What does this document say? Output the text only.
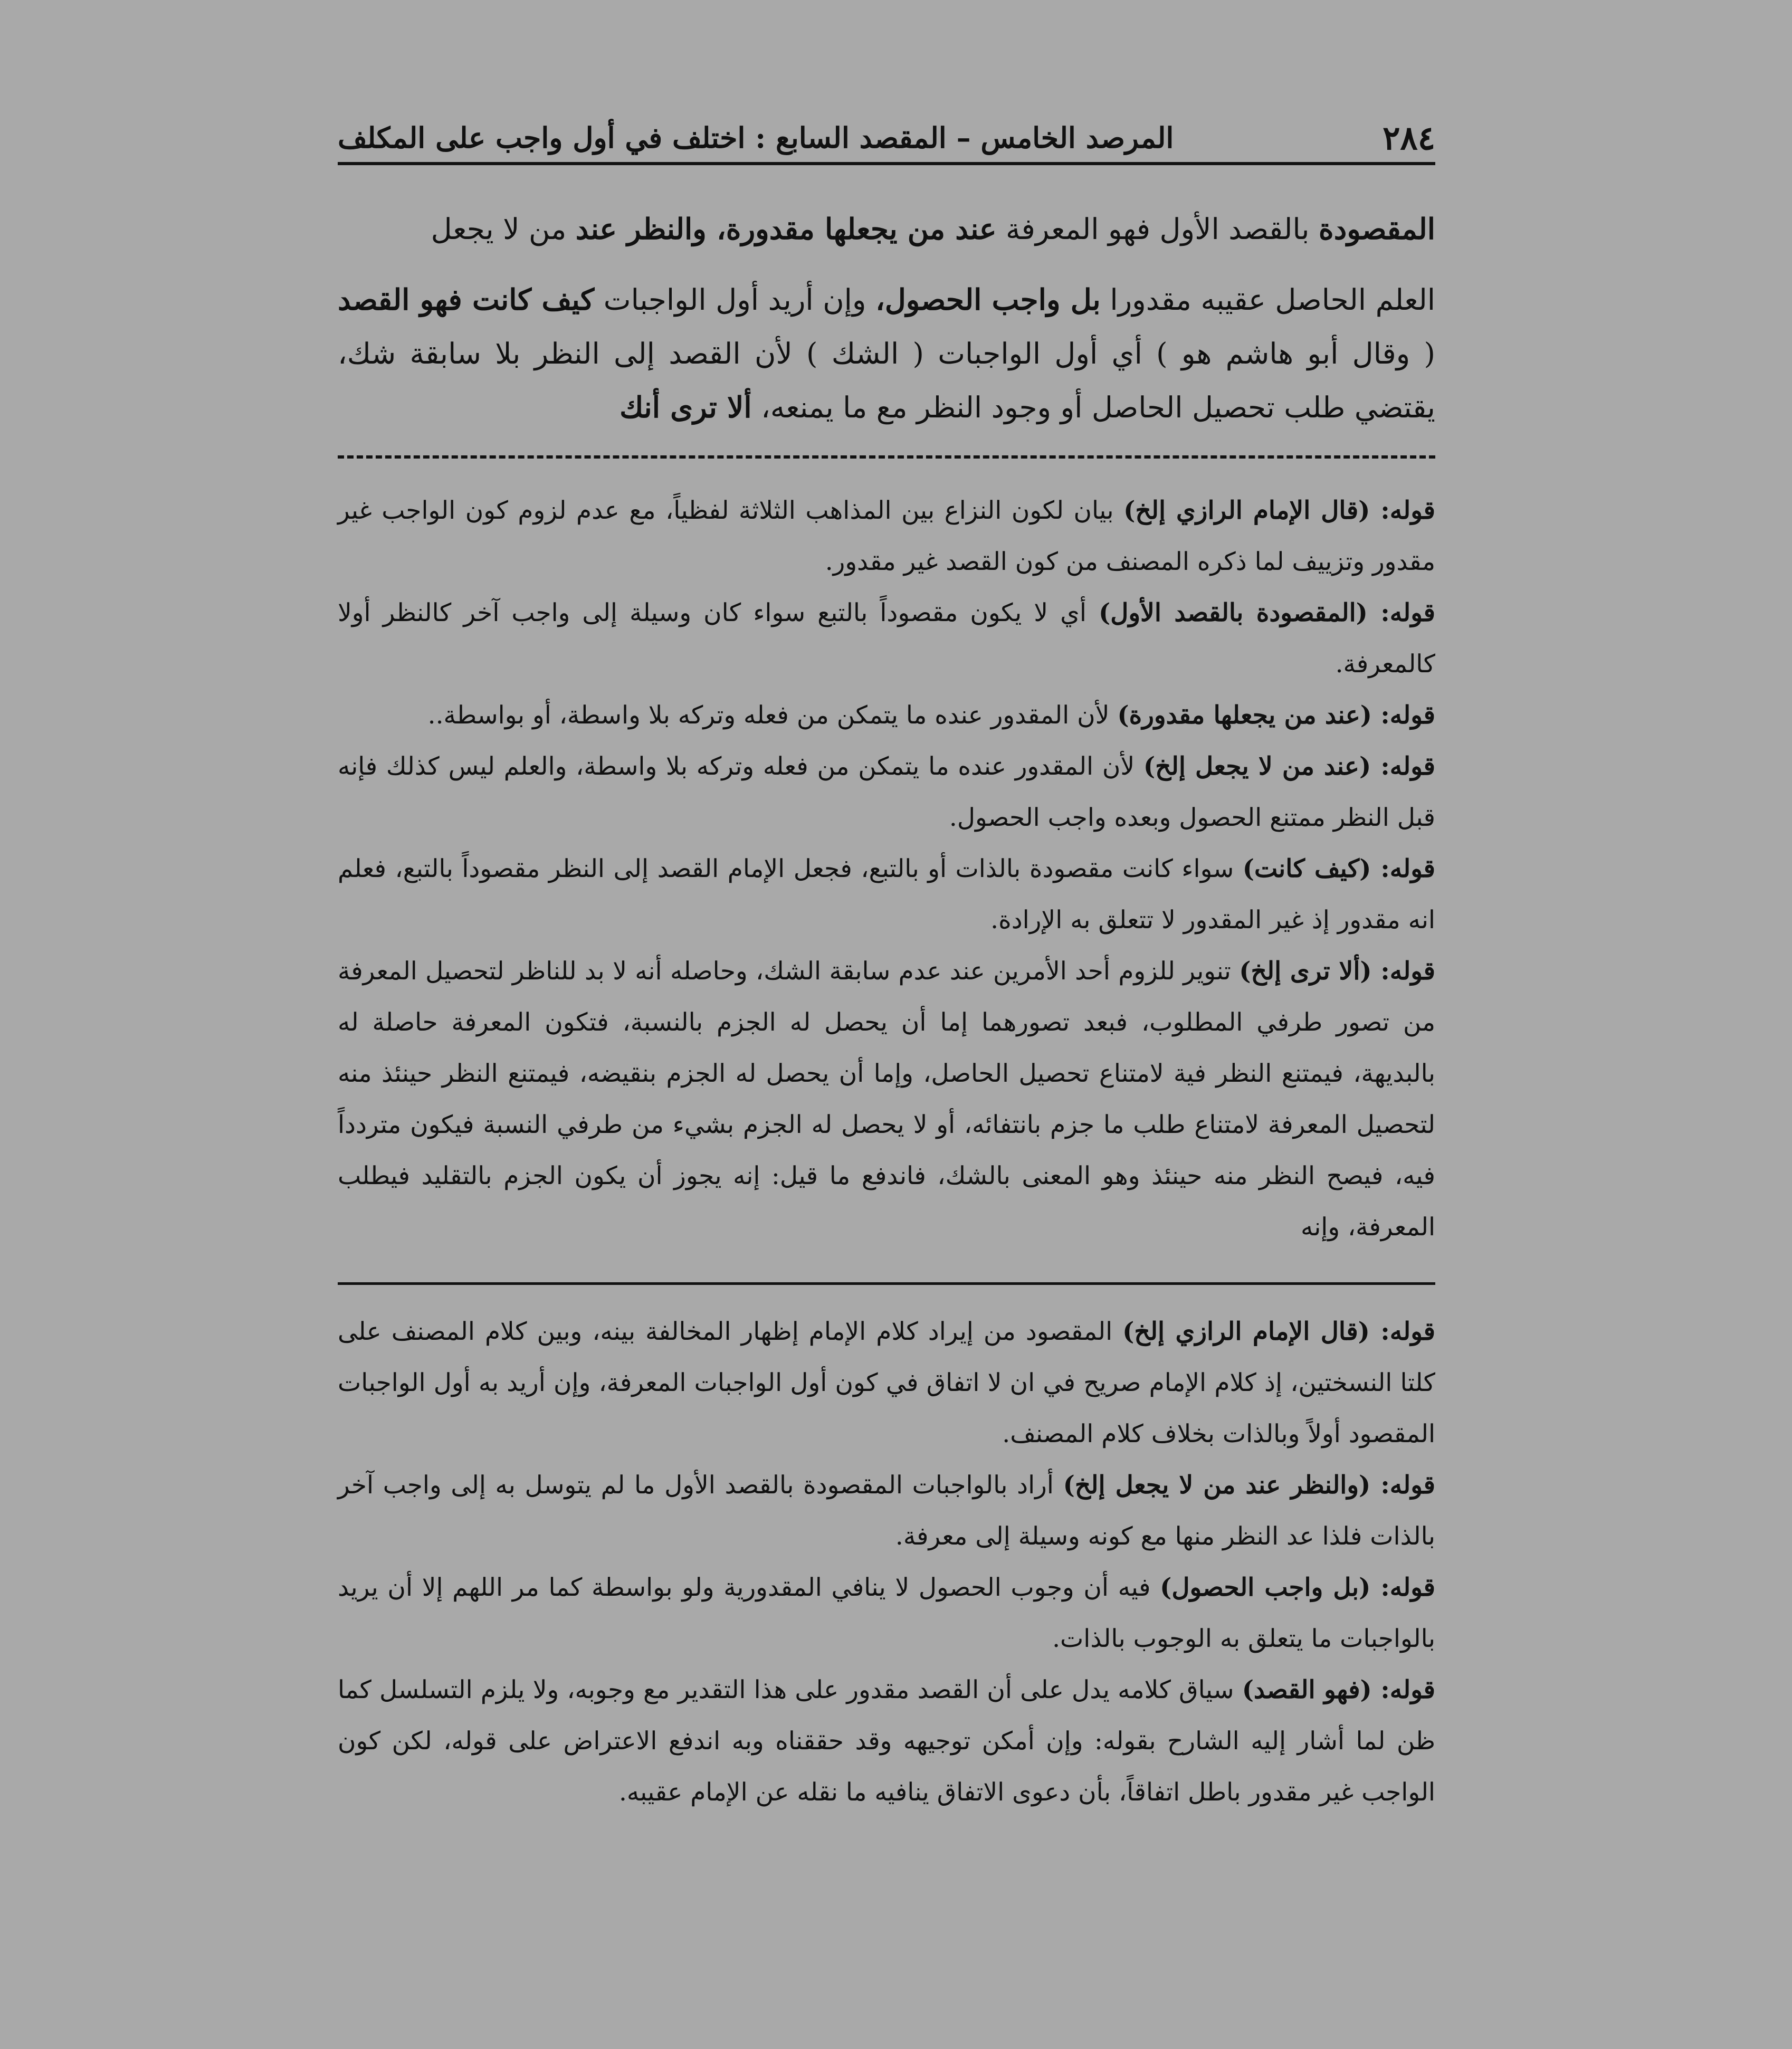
٢٨٤
المرصد الخامس – المقصد السابع : اختلف في أول واجب على المكلف

المقصودة بالقصد الأول فهو المعرفة عند من يجعلها مقدورة، والنظر عند من لا يجعل

العلم الحاصل عقيبه مقدورا بل واجب الحصول، وإن أريد أول الواجبات كيف كانت فهو القصد ( وقال أبو هاشم هو ) أي أول الواجبات ( الشك ) لأن القصد إلى النظر بلا سابقة شك، يقتضي طلب تحصيل الحاصل أو وجود النظر مع ما يمنعه، ألا ترى أنك

قوله: (قال الإمام الرازي إلخ) بيان لكون النزاع بين المذاهب الثلاثة لفظياً، مع عدم لزوم كون الواجب غير مقدور وتزييف لما ذكره المصنف من كون القصد غير مقدور.

قوله: (المقصودة بالقصد الأول) أي لا يكون مقصوداً بالتبع سواء كان وسيلة إلى واجب آخر كالنظر أولا كالمعرفة.

قوله: (عند من يجعلها مقدورة) لأن المقدور عنده ما يتمكن من فعله وتركه بلا واسطة، أو بواسطة..

قوله: (عند من لا يجعل إلخ) لأن المقدور عنده ما يتمكن من فعله وتركه بلا واسطة، والعلم ليس كذلك فإنه قبل النظر ممتنع الحصول وبعده واجب الحصول.

قوله: (كيف كانت) سواء كانت مقصودة بالذات أو بالتبع، فجعل الإمام القصد إلى النظر مقصوداً بالتبع، فعلم انه مقدور إذ غير المقدور لا تتعلق به الإرادة.

قوله: (ألا ترى إلخ) تنوير للزوم أحد الأمرين عند عدم سابقة الشك، وحاصله أنه لا بد للناظر لتحصيل المعرفة من تصور طرفي المطلوب، فبعد تصورهما إما أن يحصل له الجزم بالنسبة، فتكون المعرفة حاصلة له بالبديهة، فيمتنع النظر فية لامتناع تحصيل الحاصل، وإما أن يحصل له الجزم بنقيضه، فيمتنع النظر حينئذ منه لتحصيل المعرفة لامتناع طلب ما جزم بانتفائه، أو لا يحصل له الجزم بشيء من طرفي النسبة فيكون متردداً فيه، فيصح النظر منه حينئذ وهو المعنى بالشك، فاندفع ما قيل: إنه يجوز أن يكون الجزم بالتقليد فيطلب المعرفة، وإنه

قوله: (قال الإمام الرازي إلخ) المقصود من إيراد كلام الإمام إظهار المخالفة بينه، وبين كلام المصنف على كلتا النسختين، إذ كلام الإمام صريح في ان لا اتفاق في كون أول الواجبات المعرفة، وإن أريد به أول الواجبات المقصود أولاً وبالذات بخلاف كلام المصنف.

قوله: (والنظر عند من لا يجعل إلخ) أراد بالواجبات المقصودة بالقصد الأول ما لم يتوسل به إلى واجب آخر بالذات فلذا عد النظر منها مع كونه وسيلة إلى معرفة.

قوله: (بل واجب الحصول) فيه أن وجوب الحصول لا ينافي المقدورية ولو بواسطة كما مر اللهم إلا أن يريد بالواجبات ما يتعلق به الوجوب بالذات.

قوله: (فهو القصد) سياق كلامه يدل على أن القصد مقدور على هذا التقدير مع وجوبه، ولا يلزم التسلسل كما ظن لما أشار إليه الشارح بقوله: وإن أمكن توجيهه وقد حققناه وبه اندفع الاعتراض على قوله، لكن كون الواجب غير مقدور باطل اتفاقاً، بأن دعوى الاتفاق ينافيه ما نقله عن الإمام عقيبه.
